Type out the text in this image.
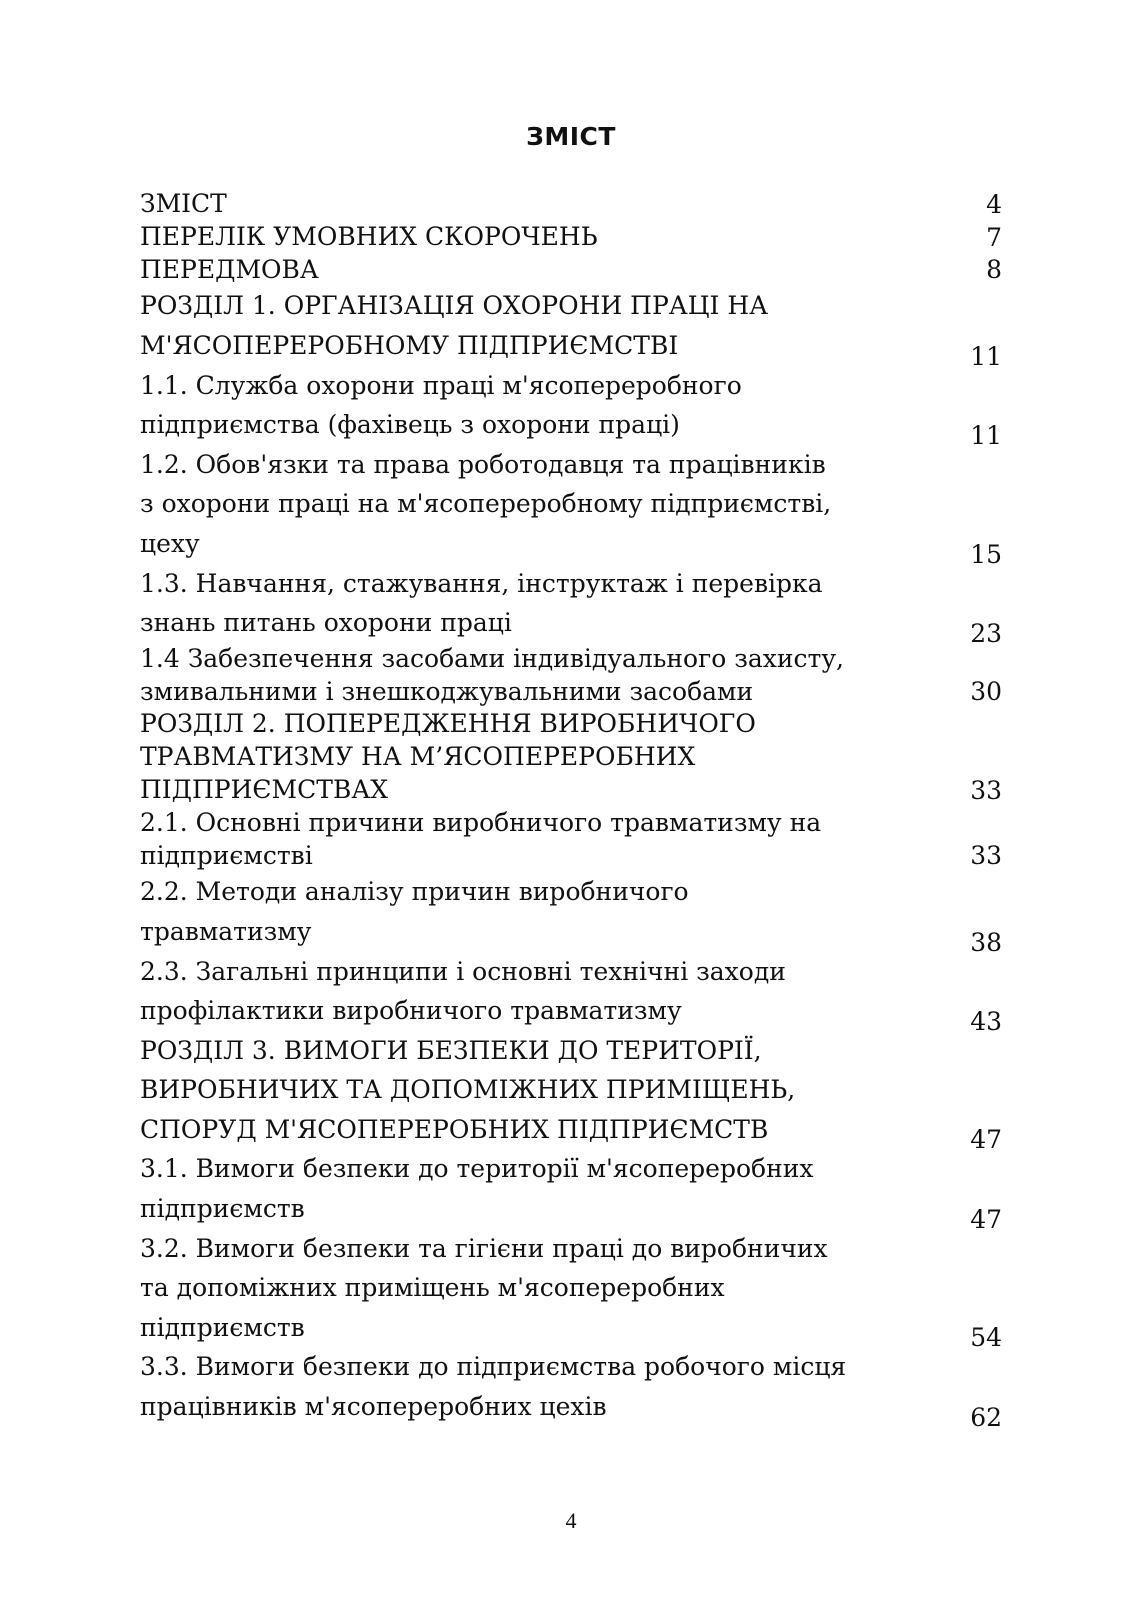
ЗМІСТ
ЗМІСТ	4
ПЕРЕЛІК УМОВНИХ СКОРОЧЕНЬ	7
ПЕРЕДМОВА	8
РОЗДІЛ 1. ОРГАНІЗАЦІЯ ОХОРОНИ ПРАЦІ НА
М'ЯСОПЕРЕРОБНОМУ ПІДПРИЄМСТВІ	11
1.1. Служба охорони праці м'ясопереробного
підприємства (фахівець з охорони праці)	11
1.2. Обов'язки та права роботодавця та працівників
з охорони праці на м'ясопереробному підприємстві,
цеху	15
1.3. Навчання, стажування, інструктаж і перевірка
знань питань охорони праці	23
1.4 Забезпечення засобами індивідуального захисту,
змивальними і знешкоджувальними засобами	30
РОЗДІЛ 2. ПОПЕРЕДЖЕННЯ ВИРОБНИЧОГО
ТРАВМАТИЗМУ НА М’ЯСОПЕРЕРОБНИХ
ПІДПРИЄМСТВАХ	33
2.1. Основні причини виробничого травматизму на
підприємстві	33
2.2. Методи аналізу причин виробничого
травматизму	38
2.3. Загальні принципи і основні технічні заходи
профілактики виробничого травматизму	43
РОЗДІЛ 3. ВИМОГИ БЕЗПЕКИ ДО ТЕРИТОРІЇ,
ВИРОБНИЧИХ ТА ДОПОМІЖНИХ ПРИМІЩЕНЬ,
СПОРУД М'ЯСОПЕРЕРОБНИХ ПІДПРИЄМСТВ	47
3.1. Вимоги безпеки до території м'ясопереробних
підприємств	47
3.2. Вимоги безпеки та гігієни праці до виробничих
та допоміжних приміщень м'ясопереробних
підприємств	54
3.3. Вимоги безпеки до підприємства робочого місця
працівників м'ясопереробних цехів	62
4
